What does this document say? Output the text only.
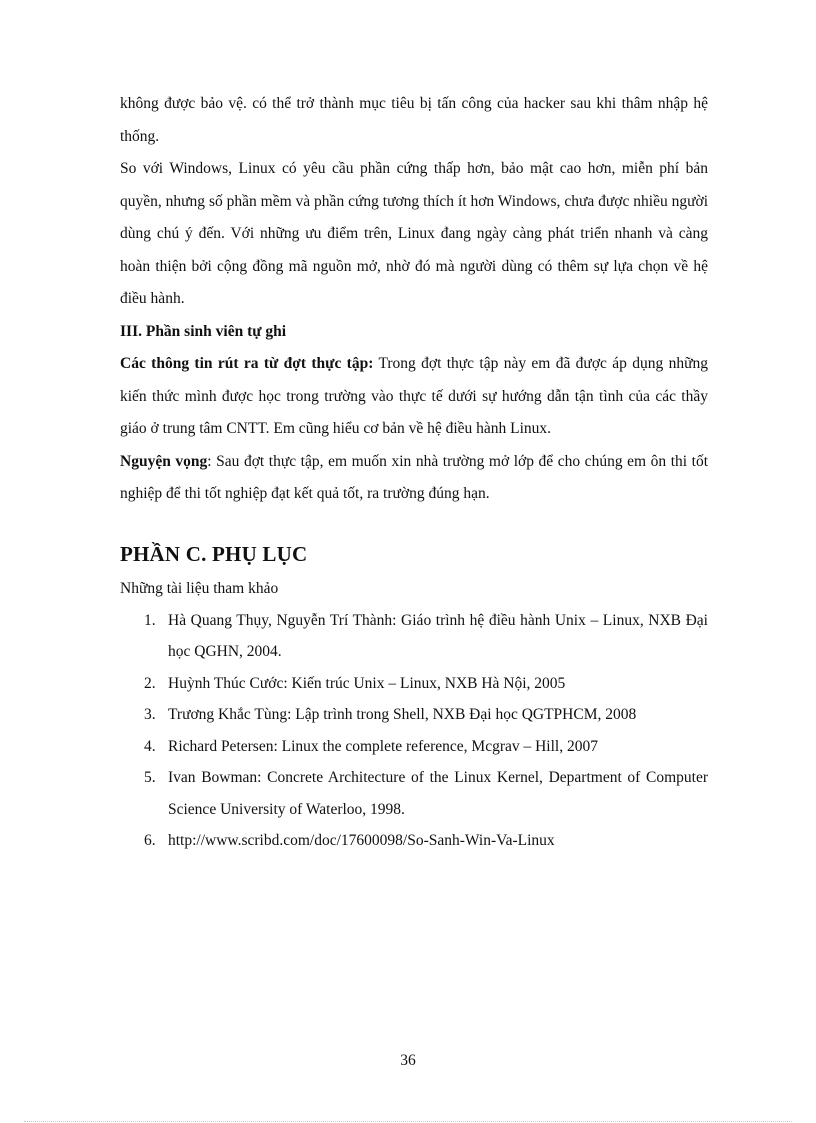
không được bảo vệ. có thể trở thành mục tiêu bị tấn công của hacker sau khi thâm nhập hệ thống.

So với Windows, Linux có yêu cầu phần cứng thấp hơn, bảo mật cao hơn, miễn phí bản quyền, nhưng số phần mềm và phần cứng tương thích ít hơn Windows, chưa được nhiều người dùng chú ý đến. Với những ưu điểm trên, Linux đang ngày càng phát triển nhanh và càng hoàn thiện bởi cộng đồng mã nguồn mở, nhờ đó mà người dùng có thêm sự lựa chọn về hệ điều hành.

III. Phần sinh viên tự ghi

Các thông tin rút ra từ đợt thực tập: Trong đợt thực tập này em đã được áp dụng những kiến thức mình được học trong trường vào thực tế dưới sự hướng dẫn tận tình của các thầy giáo ở trung tâm CNTT. Em cũng hiểu cơ bản về hệ điều hành Linux.

Nguyện vọng: Sau đợt thực tập, em muốn xin nhà trường mở lớp để cho chúng em ôn thi tốt nghiệp để thi tốt nghiệp đạt kết quả tốt, ra trường đúng hạn.

PHẦN C. PHỤ LỤC

Những tài liệu tham khảo

1. Hà Quang Thụy, Nguyễn Trí Thành: Giáo trình hệ điều hành Unix – Linux, NXB Đại học QGHN, 2004.
2. Huỳnh Thúc Cước: Kiến trúc Unix – Linux, NXB Hà Nội, 2005
3. Trương Khắc Tùng: Lập trình trong Shell, NXB Đại học QGTPHCM, 2008
4. Richard Petersen: Linux the complete reference, Mcgrav – Hill, 2007
5. Ivan Bowman: Concrete Architecture of the Linux Kernel, Department of Computer Science University of Waterloo, 1998.
6. http://www.scribd.com/doc/17600098/So-Sanh-Win-Va-Linux
36
